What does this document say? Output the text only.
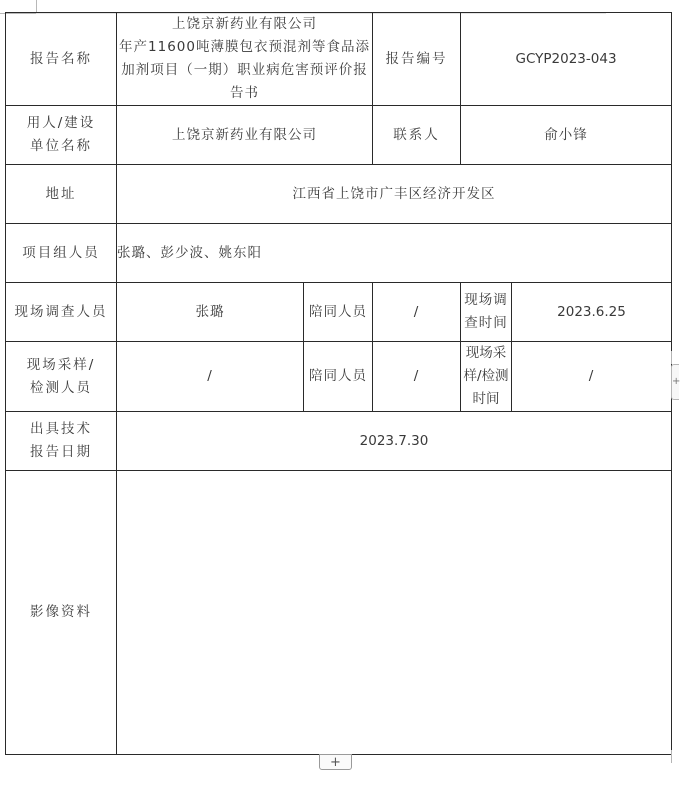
报告名称	上饶京新药业有限公司
年产11600吨薄膜包衣预混剂等食品添
加剂项目（一期）职业病危害预评价报
告书		报告编号	GCYP2023-043	

用人/建设
单位名称	上饶京新药业有限公司		联系人	俞小锋	
地址	江西省上饶市广丰区经济开发区				
项目组人员	张璐、彭少波、姚东阳				
现场调查人员	张璐	陪同人员	/	现场调
查时间	2023.6.25

现场采样/
检测人员	/	陪同人员	/	现场采
样/检测
时间	/

出具技术
报告日期	2023.7.30				
影像资料					
+
+
